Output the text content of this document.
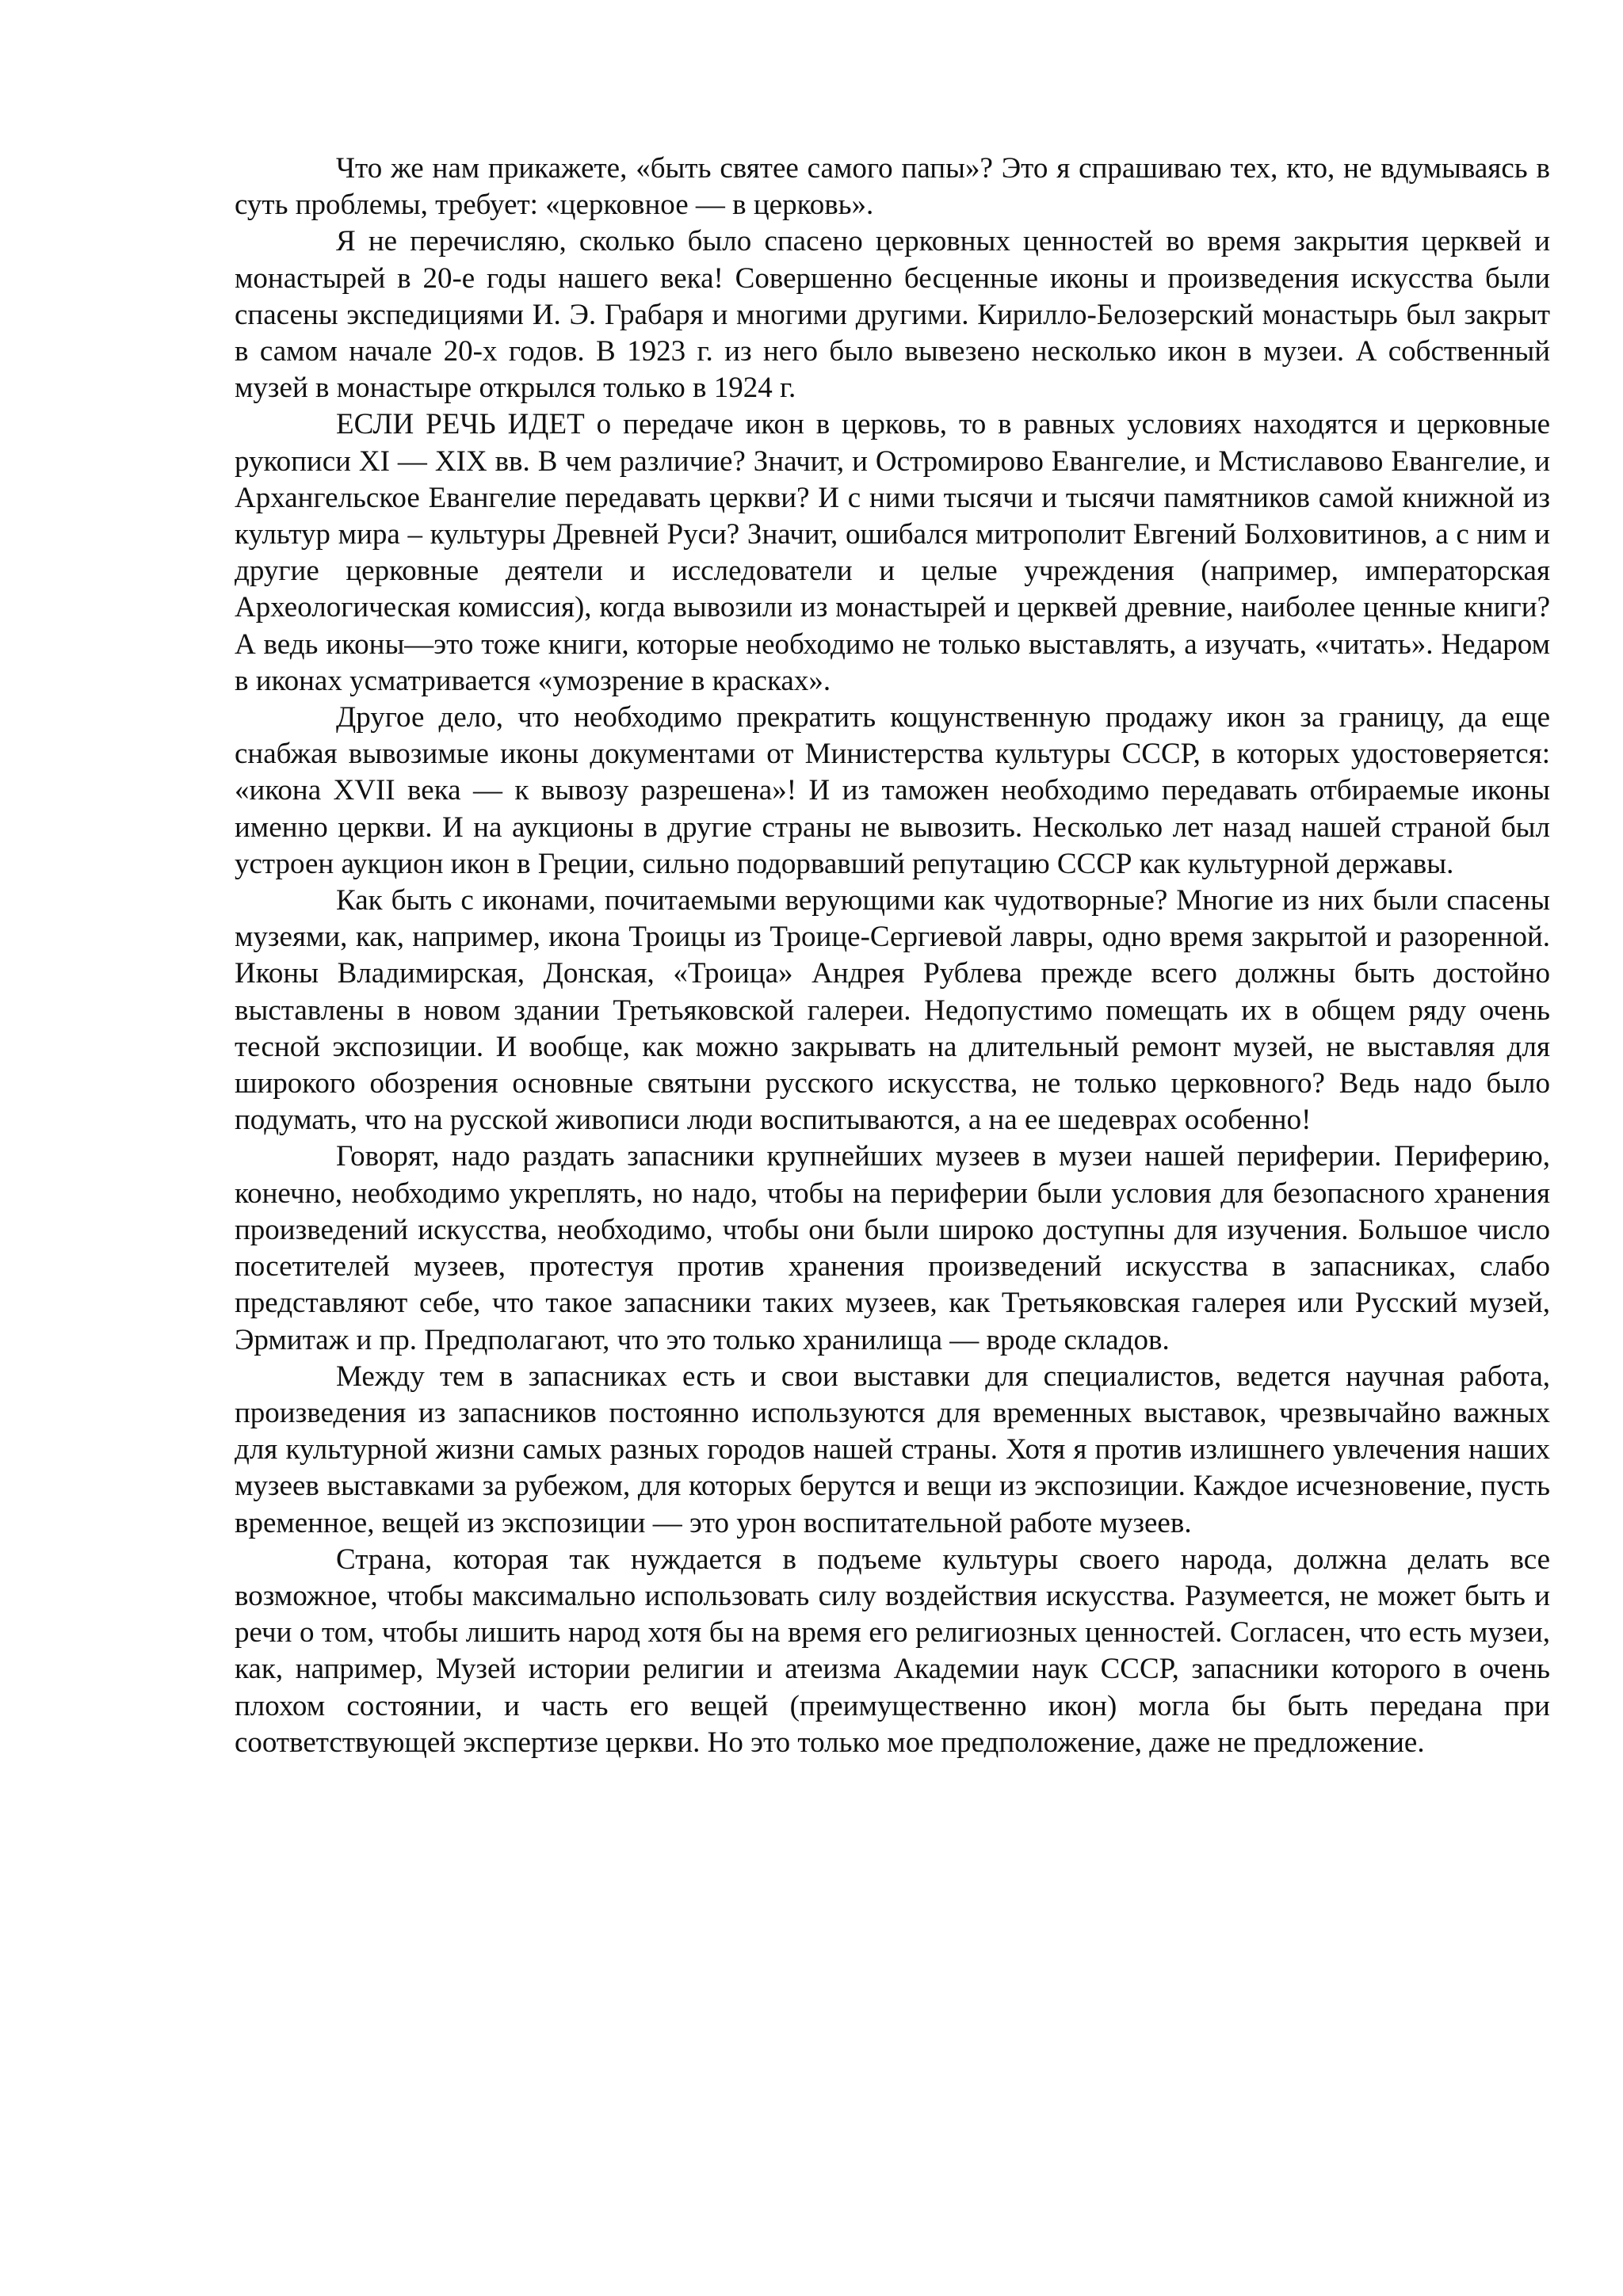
Что же нам прикажете, «быть святее самого папы»? Это я спрашиваю тех, кто, не вдумываясь в суть проблемы, требует: «церковное — в церковь».

Я не перечисляю, сколько было спасено церковных ценностей во время закрытия церквей и монастырей в 20-е годы нашего века! Совершенно бесценные иконы и произведения искусства были спасены экспедициями И. Э. Грабаря и многими другими. Кирилло-Белозерский монастырь был закрыт в самом начале 20-х годов. В 1923 г. из него было вывезено несколько икон в музеи. А собственный музей в монастыре открылся только в 1924 г.

ЕСЛИ РЕЧЬ ИДЕТ о передаче икон в церковь, то в равных условиях находятся и церковные рукописи XI — XIX вв. В чем различие? Значит, и Остромирово Евангелие, и Мстиславово Евангелие, и Архангельское Евангелие передавать церкви? И с ними тысячи и тысячи памятников самой книжной из культур мира – культуры Древней Руси? Значит, ошибался митрополит Евгений Болховитинов, а с ним и другие церковные деятели и исследователи и целые учреждения (например, императорская Археологическая комиссия), когда вывозили из монастырей и церквей древние, наиболее ценные книги? А ведь иконы—это тоже книги, которые необходимо не только выставлять, а изучать, «читать». Недаром в иконах усматривается «умозрение в красках».

Другое дело, что необходимо прекратить кощунственную продажу икон за границу, да еще снабжая вывозимые иконы документами от Министерства культуры СССР, в которых удостоверяется: «икона XVII века — к вывозу разрешена»! И из таможен необходимо передавать отбираемые иконы именно церкви. И на аукционы в другие страны не вывозить. Несколько лет назад нашей страной был устроен аукцион икон в Греции, сильно подорвавший репутацию СССР как культурной державы.

Как быть с иконами, почитаемыми верующими как чудотворные? Многие из них были спасены музеями, как, например, икона Троицы из Троице-Сергиевой лавры, одно время закрытой и разоренной. Иконы Владимирская, Донская, «Троица» Андрея Рублева прежде всего должны быть достойно выставлены в новом здании Третьяковской галереи. Недопустимо помещать их в общем ряду очень тесной экспозиции. И вообще, как можно закрывать на длительный ремонт музей, не выставляя для широкого обозрения основные святыни русского искусства, не только церковного? Ведь надо было подумать, что на русской живописи люди воспитываются, а на ее шедеврах особенно!

Говорят, надо раздать запасники крупнейших музеев в музеи нашей периферии. Периферию, конечно, необходимо укреплять, но надо, чтобы на периферии были условия для безопасного хранения произведений искусства, необходимо, чтобы они были широко доступны для изучения. Большое число посетителей музеев, протестуя против хранения произведений искусства в запасниках, слабо представляют себе, что такое запасники таких музеев, как Третьяковская галерея или Русский музей, Эрмитаж и пр. Предполагают, что это только хранилища — вроде складов.

Между тем в запасниках есть и свои выставки для специалистов, ведется научная работа, произведения из запасников постоянно используются для временных выставок, чрезвычайно важных для культурной жизни самых разных городов нашей страны. Хотя я против излишнего увлечения наших музеев выставками за рубежом, для которых берутся и вещи из экспозиции. Каждое исчезновение, пусть временное, вещей из экспозиции — это урон воспитательной работе музеев.

Страна, которая так нуждается в подъеме культуры своего народа, должна делать все возможное, чтобы максимально использовать силу воздействия искусства. Разумеется, не может быть и речи о том, чтобы лишить народ хотя бы на время его религиозных ценностей. Согласен, что есть музеи, как, например, Музей истории религии и атеизма Академии наук СССР, запасники которого в очень плохом состоянии, и часть его вещей (преимущественно икон) могла бы быть передана при соответствующей экспертизе церкви. Но это только мое предположение, даже не предложение.
